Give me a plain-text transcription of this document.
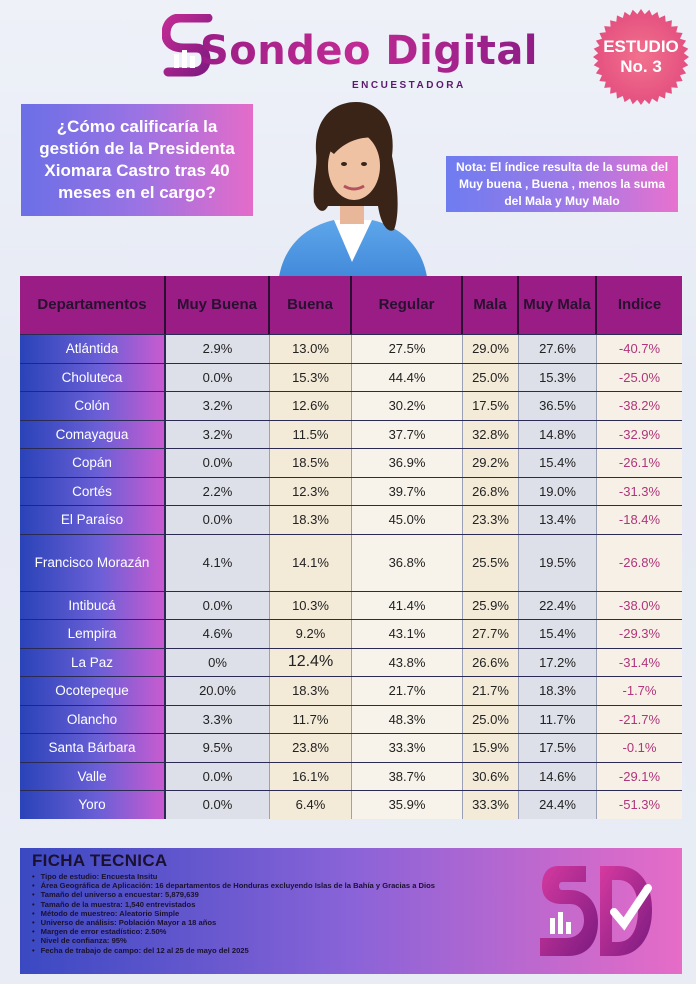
Sondeo Digital
ENCUESTADORA
ESTUDIO
No. 3
¿Cómo calificaría la gestión de la Presidenta Xiomara Castro tras 40 meses en el cargo?
Nota: El índice resulta de la suma del Muy buena , Buena , menos la suma del Mala y Muy Malo
Departamentos	Muy Buena	Buena	Regular	Mala	Muy Mala	Indice
Atlántida	2.9%	13.0%	27.5%	29.0%	27.6%	-40.7%
Choluteca	0.0%	15.3%	44.4%	25.0%	15.3%	-25.0%
Colón	3.2%	12.6%	30.2%	17.5%	36.5%	-38.2%
Comayagua	3.2%	11.5%	37.7%	32.8%	14.8%	-32.9%
Copán	0.0%	18.5%	36.9%	29.2%	15.4%	-26.1%
Cortés	2.2%	12.3%	39.7%	26.8%	19.0%	-31.3%
El Paraíso	0.0%	18.3%	45.0%	23.3%	13.4%	-18.4%
Francisco Morazán	4.1%	14.1%	36.8%	25.5%	19.5%	-26.8%
Intibucá	0.0%	10.3%	41.4%	25.9%	22.4%	-38.0%
Lempira	4.6%	9.2%	43.1%	27.7%	15.4%	-29.3%
La Paz	0%	12.4%	43.8%	26.6%	17.2%	-31.4%
Ocotepeque	20.0%	18.3%	21.7%	21.7%	18.3%	-1.7%
Olancho	3.3%	11.7%	48.3%	25.0%	11.7%	-21.7%
Santa Bárbara	9.5%	23.8%	33.3%	15.9%	17.5%	-0.1%
Valle	0.0%	16.1%	38.7%	30.6%	14.6%	-29.1%
Yoro	0.0%	6.4%	35.9%	33.3%	24.4%	-51.3%
FICHA TECNICA
• Tipo de estudio: Encuesta Insitu
• Área Geográfica de Aplicación: 16 departamentos de Honduras excluyendo Islas de la Bahía y Gracias a Dios
• Tamaño del universo a encuestar: 5,879,639
• Tamaño de la muestra: 1,540 entrevistados
• Método de muestreo: Aleatorio Simple
• Universo de análisis: Población Mayor a 18 años
• Margen de error estadístico: 2.50%
• Nivel de confianza: 95%
• Fecha de trabajo de campo: del 12 al 25 de mayo del 2025
